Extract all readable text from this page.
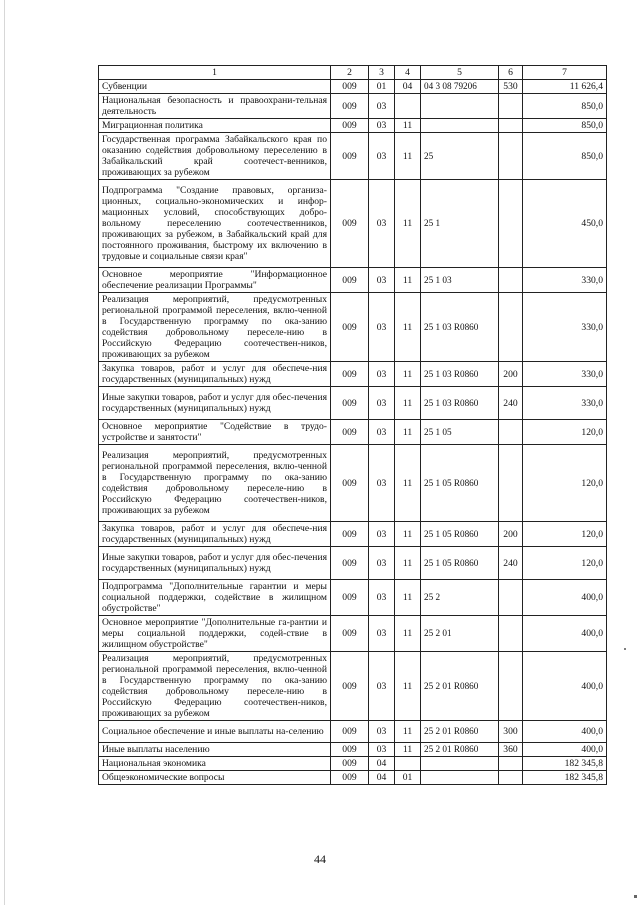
1	2	3	4	5	6	7
Субвенции	009	01	04	04 3 08 79206	530	11 626,4
Национальная безопасность и правоохрани-тельная деятельность	009	03				850,0
Миграционная политика	009	03	11			850,0
Государственная программа Забайкальского края по оказанию содействия добровольному переселению в Забайкальский край соотечест-венников, проживающих за рубежом	009	03	11	25		850,0
Подпрограмма "Создание правовых, организа-ционных, социально-экономических и инфор-мационных условий, способствующих добро-вольному переселению соотечественников, проживающих за рубежом, в Забайкальский край для постоянного проживания, быстрому их включению в трудовые и социальные связи края"	009	03	11	25 1		450,0
Основное мероприятие "Информационное обеспечение реализации Программы"	009	03	11	25 1 03		330,0
Реализация мероприятий, предусмотренных региональной программой переселения, вклю-ченной в Государственную программу по ока-занию содействия добровольному переселе-нию в Российскую Федерацию соотечествен-ников, проживающих за рубежом	009	03	11	25 1 03 R0860		330,0
Закупка товаров, работ и услуг для обеспече-ния государственных (муниципальных) нужд	009	03	11	25 1 03 R0860	200	330,0
Иные закупки товаров, работ и услуг для обес-печения государственных (муниципальных) нужд	009	03	11	25 1 03 R0860	240	330,0
Основное мероприятие "Содействие в трудо-устройстве и занятости"	009	03	11	25 1 05		120,0
Реализация мероприятий, предусмотренных региональной программой переселения, вклю-ченной в Государственную программу по ока-занию содействия добровольному переселе-нию в Российскую Федерацию соотечествен-ников, проживающих за рубежом	009	03	11	25 1 05 R0860		120,0
Закупка товаров, работ и услуг для обеспече-ния государственных (муниципальных) нужд	009	03	11	25 1 05 R0860	200	120,0
Иные закупки товаров, работ и услуг для обес-печения государственных (муниципальных) нужд	009	03	11	25 1 05 R0860	240	120,0
Подпрограмма "Дополнительные гарантии и меры социальной поддержки, содействие в жилищном обустройстве"	009	03	11	25 2		400,0
Основное мероприятие "Дополнительные га-рантии и меры социальной поддержки, содей-ствие в жилищном обустройстве"	009	03	11	25 2 01		400,0
Реализация мероприятий, предусмотренных региональной программой переселения, вклю-ченной в Государственную программу по ока-занию содействия добровольному переселе-нию в Российскую Федерацию соотечествен-ников, проживающих за рубежом	009	03	11	25 2 01 R0860		400,0
Социальное обеспечение и иные выплаты на-селению	009	03	11	25 2 01 R0860	300	400,0
Иные выплаты населению	009	03	11	25 2 01 R0860	360	400,0
Национальная экономика	009	04				182 345,8
Общеэкономические вопросы	009	04	01			182 345,8
44
